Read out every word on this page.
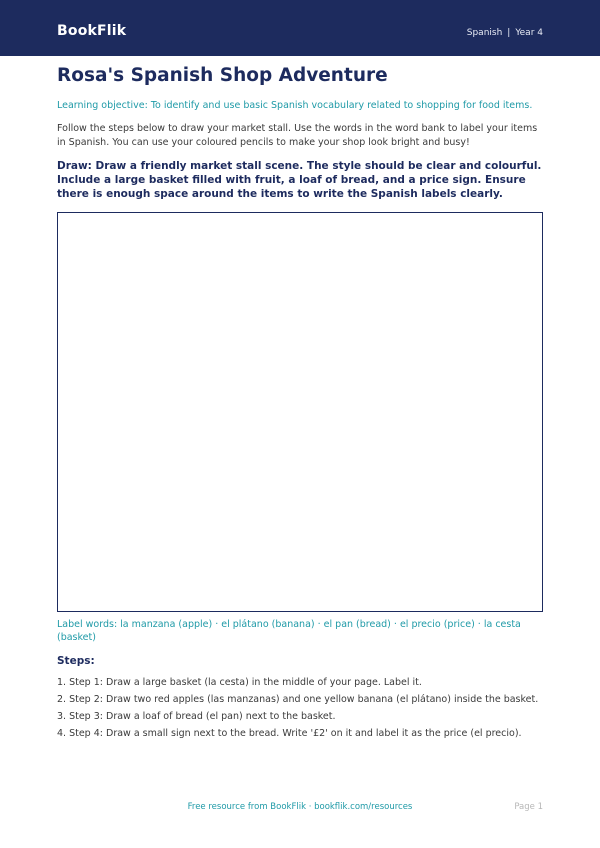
BookFlik	Spanish | Year 4
Rosa's Spanish Shop Adventure
Learning objective: To identify and use basic Spanish vocabulary related to shopping for food items.
Follow the steps below to draw your market stall. Use the words in the word bank to label your items in Spanish. You can use your coloured pencils to make your shop look bright and busy!
Draw: Draw a friendly market stall scene. The style should be clear and colourful. Include a large basket filled with fruit, a loaf of bread, and a price sign. Ensure there is enough space around the items to write the Spanish labels clearly.
Label words: la manzana (apple) · el plátano (banana) · el pan (bread) · el precio (price) · la cesta (basket)
Steps:
1. Step 1: Draw a large basket (la cesta) in the middle of your page. Label it.
2. Step 2: Draw two red apples (las manzanas) and one yellow banana (el plátano) inside the basket.
3. Step 3: Draw a loaf of bread (el pan) next to the basket.
4. Step 4: Draw a small sign next to the bread. Write '£2' on it and label it as the price (el precio).
Free resource from BookFlik · bookflik.com/resources	Page 1
